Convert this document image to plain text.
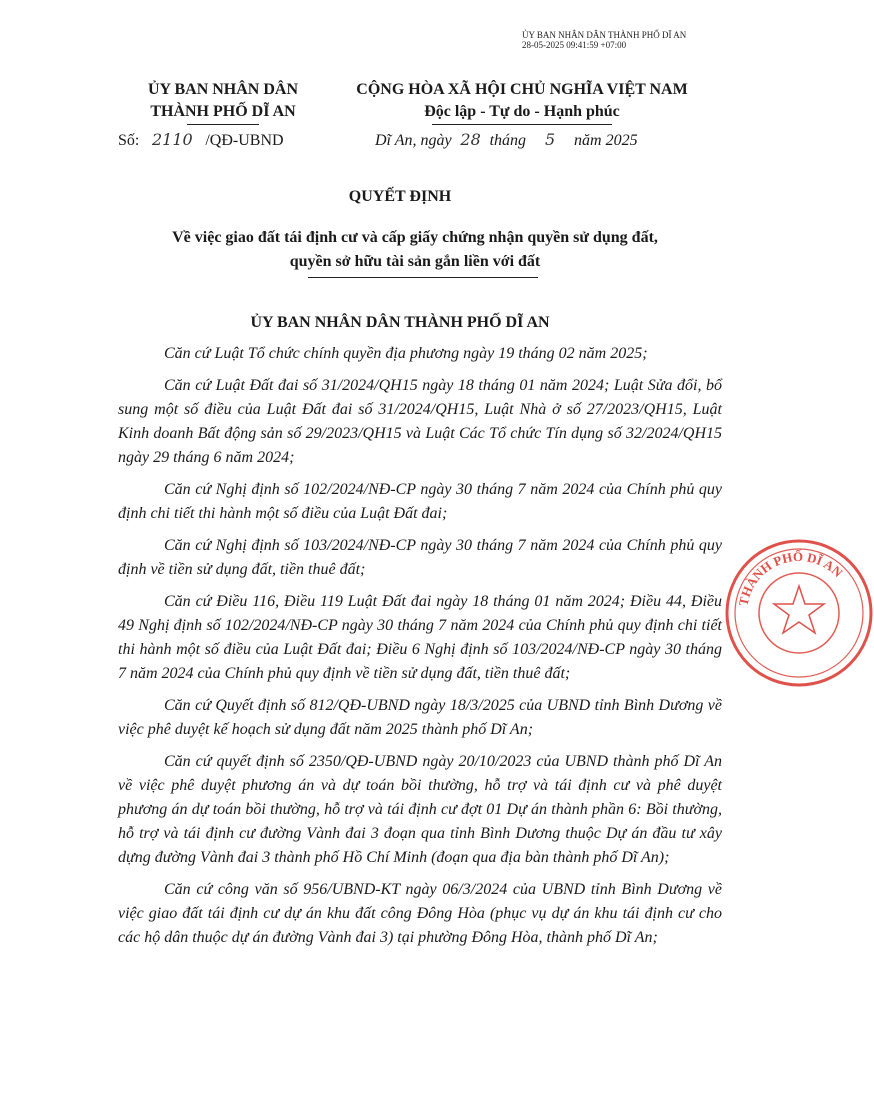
ỦY BAN NHÂN DÂN THÀNH PHỐ DĨ AN
28-05-2025 09:41:59 +07:00
ỦY BAN NHÂN DÂN
THÀNH PHỐ DĨ AN
CỘNG HÒA XÃ HỘI CHỦ NGHĨA VIỆT NAM
Độc lập - Tự do - Hạnh phúc
Số: 2110 /QĐ-UBND	Dĩ An, ngày 28 tháng 5 năm 2025
QUYẾT ĐỊNH
Về việc giao đất tái định cư và cấp giấy chứng nhận quyền sử dụng đất,
quyền sở hữu tài sản gắn liền với đất
ỦY BAN NHÂN DÂN THÀNH PHỐ DĨ AN

Căn cứ Luật Tổ chức chính quyền địa phương ngày 19 tháng 02 năm 2025;

Căn cứ Luật Đất đai số 31/2024/QH15 ngày 18 tháng 01 năm 2024; Luật Sửa đổi, bổ sung một số điều của Luật Đất đai số 31/2024/QH15, Luật Nhà ở số 27/2023/QH15, Luật Kinh doanh Bất động sản số 29/2023/QH15 và Luật Các Tổ chức Tín dụng số 32/2024/QH15 ngày 29 tháng 6 năm 2024;

Căn cứ Nghị định số 102/2024/NĐ-CP ngày 30 tháng 7 năm 2024 của Chính phủ quy định chi tiết thi hành một số điều của Luật Đất đai;

Căn cứ Nghị định số 103/2024/NĐ-CP ngày 30 tháng 7 năm 2024 của Chính phủ quy định về tiền sử dụng đất, tiền thuê đất;

Căn cứ Điều 116, Điều 119 Luật Đất đai ngày 18 tháng 01 năm 2024; Điều 44, Điều 49 Nghị định số 102/2024/NĐ-CP ngày 30 tháng 7 năm 2024 của Chính phủ quy định chi tiết thi hành một số điều của Luật Đất đai; Điều 6 Nghị định số 103/2024/NĐ-CP ngày 30 tháng 7 năm 2024 của Chính phủ quy định về tiền sử dụng đất, tiền thuê đất;

Căn cứ Quyết định số 812/QĐ-UBND ngày 18/3/2025 của UBND tỉnh Bình Dương về việc phê duyệt kế hoạch sử dụng đất năm 2025 thành phố Dĩ An;

Căn cứ quyết định số 2350/QĐ-UBND ngày 20/10/2023 của UBND thành phố Dĩ An về việc phê duyệt phương án và dự toán bồi thường, hỗ trợ và tái định cư và phê duyệt phương án dự toán bồi thường, hỗ trợ và tái định cư đợt 01 Dự án thành phần 6: Bồi thường, hỗ trợ và tái định cư đường Vành đai 3 đoạn qua tỉnh Bình Dương thuộc Dự án đầu tư xây dựng đường Vành đai 3 thành phố Hồ Chí Minh (đoạn qua địa bàn thành phố Dĩ An);

Căn cứ công văn số 956/UBND-KT ngày 06/3/2024 của UBND tỉnh Bình Dương về việc giao đất tái định cư dự án khu đất công Đông Hòa (phục vụ dự án khu tái định cư cho các hộ dân thuộc dự án đường Vành đai 3) tại phường Đông Hòa, thành phố Dĩ An;

THÀNH PHỐ DĨ AN
